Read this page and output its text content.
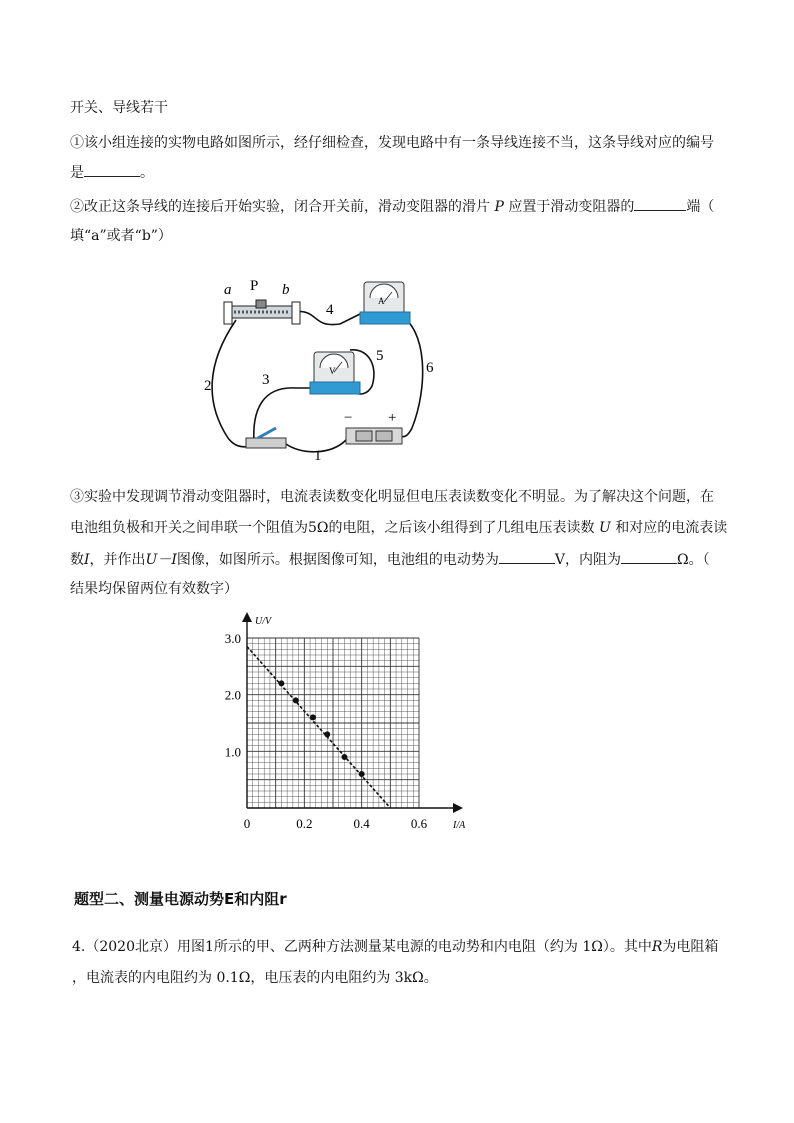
开关、导线若干
①该小组连接的实物电路如图所示，经仔细检查，发现电路中有一条导线连接不当，这条导线对应的编号
是	。
②改正这条导线的连接后开始实验，闭合开关前，滑动变阻器的滑片 P 应置于滑动变阻器的	端（
填“a”或者“b”）
a P b
A
V
2	3
4
5
6
1
− +
③实验中发现调节滑动变阻器时，电流表读数变化明显但电压表读数变化不明显。为了解决这个问题，在
电池组负极和开关之间串联一个阻值为5Ω的电阻，之后该小组得到了几组电压表读数 U 和对应的电流表读
数I，并作出U－I图像，如图所示。根据图像可知，电池组的电动势为	V，内阻为	Ω。（
结果均保留两位有效数字）
I/A
U/V
0	0.2	0.4	0.6
1.0
2.0
3.0
题型二、测量电源动势E和内阻r
4.（2020北京）用图1所示的甲、乙两种方法测量某电源的电动势和内电阻（约为 1Ω）。其中R为电阻箱
，电流表的内电阻约为 0.1Ω，电压表的内电阻约为 3kΩ。
